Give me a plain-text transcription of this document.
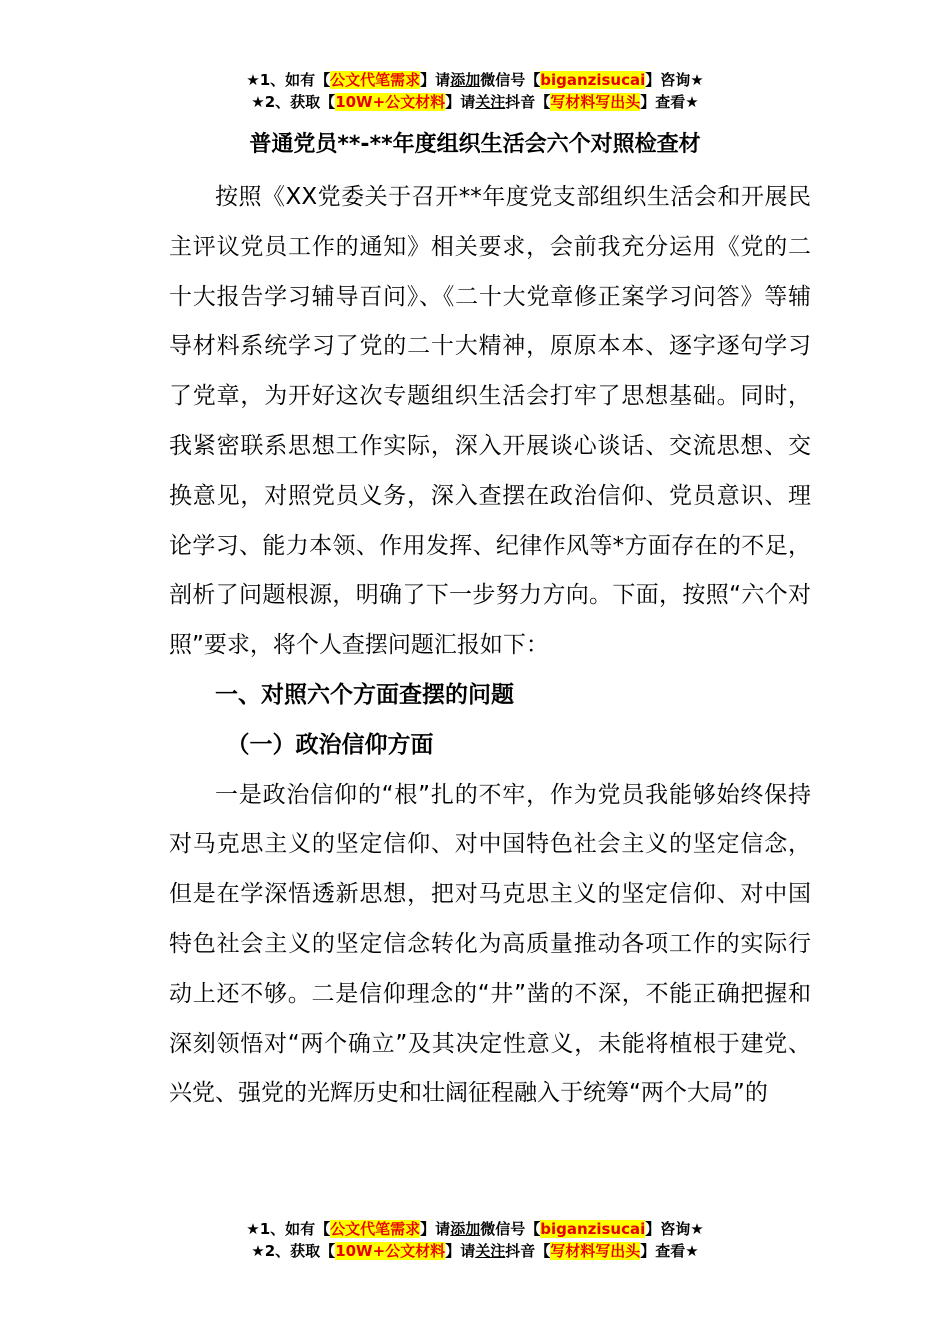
★1、如有【公文代笔需求】请添加微信号【biganzisucai】咨询★
★2、获取【10W+公文材料】请关注抖音【写材料写出头】查看★
普通党员**-**年度组织生活会六个对照检查材

按照《XX党委关于召开**年度党支部组织生活会和开展民主评议党员工作的通知》相关要求，会前我充分运用《党的二十大报告学习辅导百问》、《二十大党章修正案学习问答》等辅导材料系统学习了党的二十大精神，原原本本、逐字逐句学习了党章，为开好这次专题组织生活会打牢了思想基础。同时，我紧密联系思想工作实际，深入开展谈心谈话、交流思想、交换意见，对照党员义务，深入查摆在政治信仰、党员意识、理论学习、能力本领、作用发挥、纪律作风等*方面存在的不足，剖析了问题根源，明确了下一步努力方向。下面，按照“六个对照”要求，将个人查摆问题汇报如下：

一、对照六个方面查摆的问题
（一）政治信仰方面

一是政治信仰的“根”扎的不牢，作为党员我能够始终保持对马克思主义的坚定信仰、对中国特色社会主义的坚定信念，但是在学深悟透新思想，把对马克思主义的坚定信仰、对中国特色社会主义的坚定信念转化为高质量推动各项工作的实际行动上还不够。二是信仰理念的“井”凿的不深，不能正确把握和深刻领悟对“两个确立”及其决定性意义，未能将植根于建党、兴党、强党的光辉历史和壮阔征程融入于统筹“两个大局”的

★1、如有【公文代笔需求】请添加微信号【biganzisucai】咨询★
★2、获取【10W+公文材料】请关注抖音【写材料写出头】查看★
